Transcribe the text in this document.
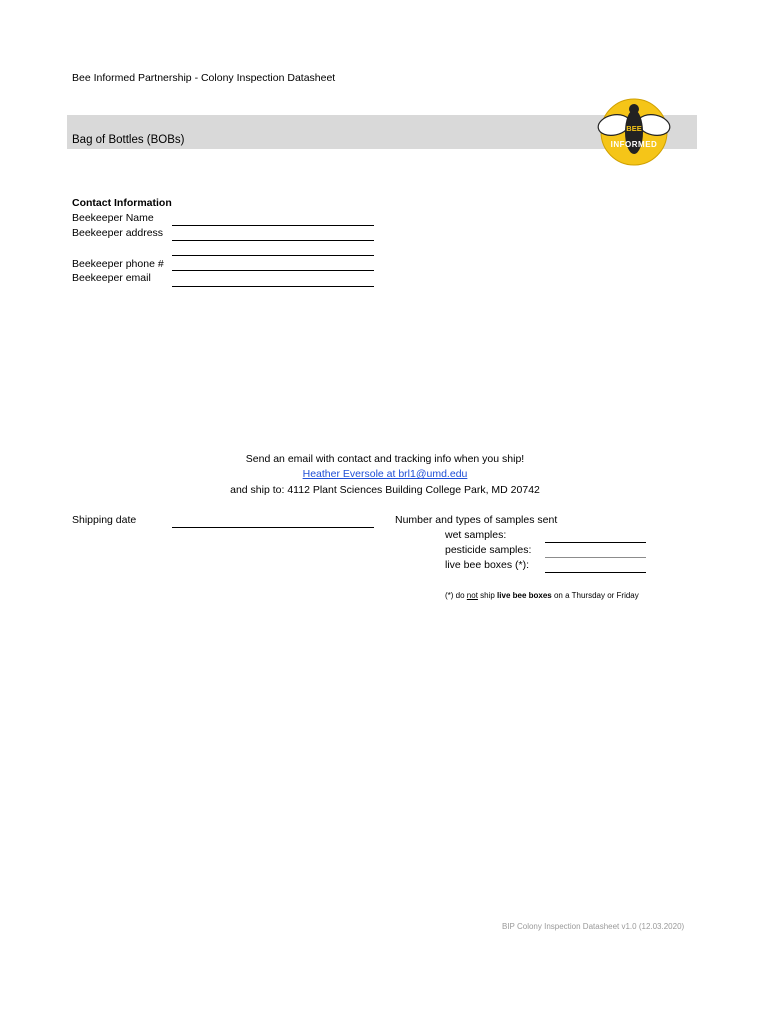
Bee Informed Partnership - Colony Inspection Datasheet
Bag of Bottles (BOBs)
BEE
INFORMED
Contact Information
Beekeeper Name
Beekeeper address
Beekeeper phone #
Beekeeper email
Send an email with contact and tracking info when you ship!
Heather Eversole at brl1@umd.edu
and ship to: 4112 Plant Sciences Building College Park, MD 20742
Shipping date	Number and types of samples sent
wet samples:
pesticide samples:
live bee boxes (*):
(*) do not ship live bee boxes on a Thursday or Friday
BIP Colony Inspection Datasheet v1.0 (12.03.2020)
